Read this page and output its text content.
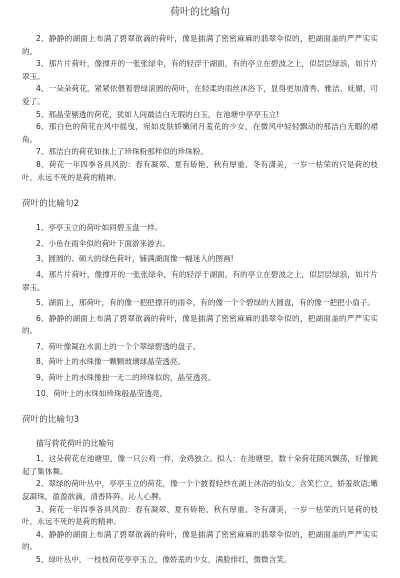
荷叶的比喻句

2、静静的湖面上布满了碧翠欲滴的荷叶，像是插满了密密麻麻的翡翠伞似的，把湖面盖的严严实实的。

3、那片片荷叶，像撑开的一张张绿伞，有的轻浮于湖面，有的亭立在碧波之上，似层层绿浪，如片片翠玉。

4、一朵朵荷花，紧紧依偎着碧绿滚圆的荷叶，在轻柔的雨丝沐浴下，显得更加清秀、雅洁、妩媚、可爱了。

5、那晶莹剔透的荷花，犹如人间最洁白无瑕的白玉，在池塘中亭亭玉立!

6、那白色的荷花在风中摇曳，宛如皮肤娇嫩闭月羞花的少女，在微风中轻轻飘动的那洁白无暇的裙角。

7、那洁白的荷花如抹上了珍珠粉那样似的珍珠粉。

8、荷花一年四季各具风韵：春有凝翠、夏有矫艳、秋有厚重、冬有潇美，一岁一枯荣的只是荷的枝叶，永远不死的是荷的精神。

荷叶的比喻句2

1、亭亭玉立的荷叶如同碧玉盘一样。

2、小鱼在雨伞似的荷叶下面游来游去。

3、圆圆的、硕大的绿色荷叶，铺满湖面像一幅迷人的图画!

4、那片片荷叶，像撑开的一张张绿伞，有的轻浮于湖面，有的亭立在碧波之上，似层层绿浪，如片片翠玉。

5、湖面上，那荷叶，有的像一把把撑开的雨伞，有的像一个个碧绿的大圆盘，有的像一把把小扇子。

6、静静的湖面上布满了碧翠欲滴的荷叶，像是插满了密密麻麻的翡翠伞似的，把湖面盖的严严实实的。

7、荷叶像凝在水面上的一个个翠绿碧透的盘子。

8、荷叶上的水珠像一颗颗玻璃球晶莹透亮。

9、荷叶上的水珠像独一无二的珍珠似的，晶莹透亮。

10、荷叶上的水珠如珍珠般晶莹透亮。

荷叶的比喻句3

描写荷花荷叶的比喻句

1、这朵荷花在池塘里，像一只公鸡一样，金鸡独立。拟人：在池塘里，数十朵荷花随风飘荡，好像跳起了集体舞。

2、翠绿的荷叶丛中，亭亭玉立的荷花，像一个个披着轻纱在湖上沐浴的仙女，含笑伫立，娇羞欲语;嫩蕊凝珠，盈盈欲滴，清香阵阵，沁人心脾。

3、荷花一年四季各具风韵：春有凝翠、夏有矫艳、秋有厚重、冬有潇美，一岁一枯荣的只是荷的枝叶，永远不死的是荷的精神。

4、静静的湖面上布满了碧翠欲滴的荷叶，像是插满了密密麻麻的翡翠伞似的，把湖面盖的严严实实的。

5、绿叶丛中，一枝枝荷花亭亭玉立，像娇羞的少女，满脸绯红，微微含笑。
